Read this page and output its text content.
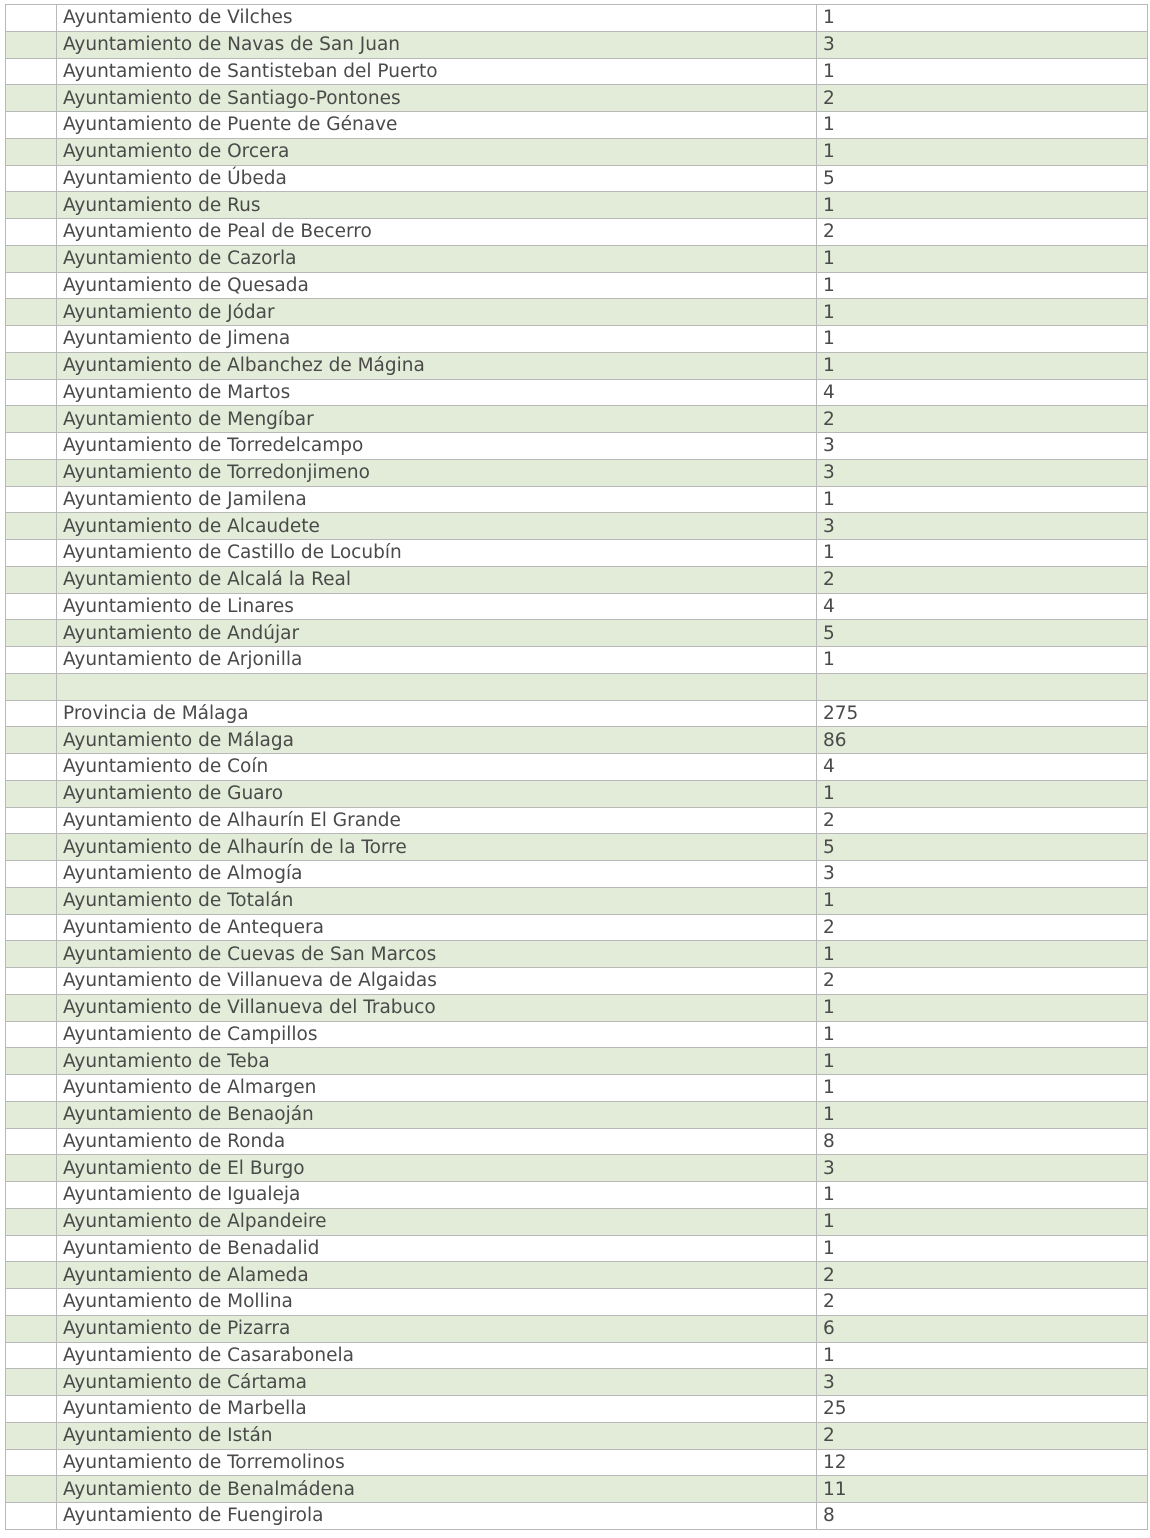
	Ayuntamiento de Vilches	1
	Ayuntamiento de Navas de San Juan	3
	Ayuntamiento de Santisteban del Puerto	1
	Ayuntamiento de Santiago-Pontones	2
	Ayuntamiento de Puente de Génave	1
	Ayuntamiento de Orcera	1
	Ayuntamiento de Úbeda	5
	Ayuntamiento de Rus	1
	Ayuntamiento de Peal de Becerro	2
	Ayuntamiento de Cazorla	1
	Ayuntamiento de Quesada	1
	Ayuntamiento de Jódar	1
	Ayuntamiento de Jimena	1
	Ayuntamiento de Albanchez de Mágina	1
	Ayuntamiento de Martos	4
	Ayuntamiento de Mengíbar	2
	Ayuntamiento de Torredelcampo	3
	Ayuntamiento de Torredonjimeno	3
	Ayuntamiento de Jamilena	1
	Ayuntamiento de Alcaudete	3
	Ayuntamiento de Castillo de Locubín	1
	Ayuntamiento de Alcalá la Real	2
	Ayuntamiento de Linares	4
	Ayuntamiento de Andújar	5
	Ayuntamiento de Arjonilla	1

	Provincia de Málaga	275
	Ayuntamiento de Málaga	86
	Ayuntamiento de Coín	4
	Ayuntamiento de Guaro	1
	Ayuntamiento de Alhaurín El Grande	2
	Ayuntamiento de Alhaurín de la Torre	5
	Ayuntamiento de Almogía	3
	Ayuntamiento de Totalán	1
	Ayuntamiento de Antequera	2
	Ayuntamiento de Cuevas de San Marcos	1
	Ayuntamiento de Villanueva de Algaidas	2
	Ayuntamiento de Villanueva del Trabuco	1
	Ayuntamiento de Campillos	1
	Ayuntamiento de Teba	1
	Ayuntamiento de Almargen	1
	Ayuntamiento de Benaoján	1
	Ayuntamiento de Ronda	8
	Ayuntamiento de El Burgo	3
	Ayuntamiento de Igualeja	1
	Ayuntamiento de Alpandeire	1
	Ayuntamiento de Benadalid	1
	Ayuntamiento de Alameda	2
	Ayuntamiento de Mollina	2
	Ayuntamiento de Pizarra	6
	Ayuntamiento de Casarabonela	1
	Ayuntamiento de Cártama	3
	Ayuntamiento de Marbella	25
	Ayuntamiento de Istán	2
	Ayuntamiento de Torremolinos	12
	Ayuntamiento de Benalmádena	11
	Ayuntamiento de Fuengirola	8
